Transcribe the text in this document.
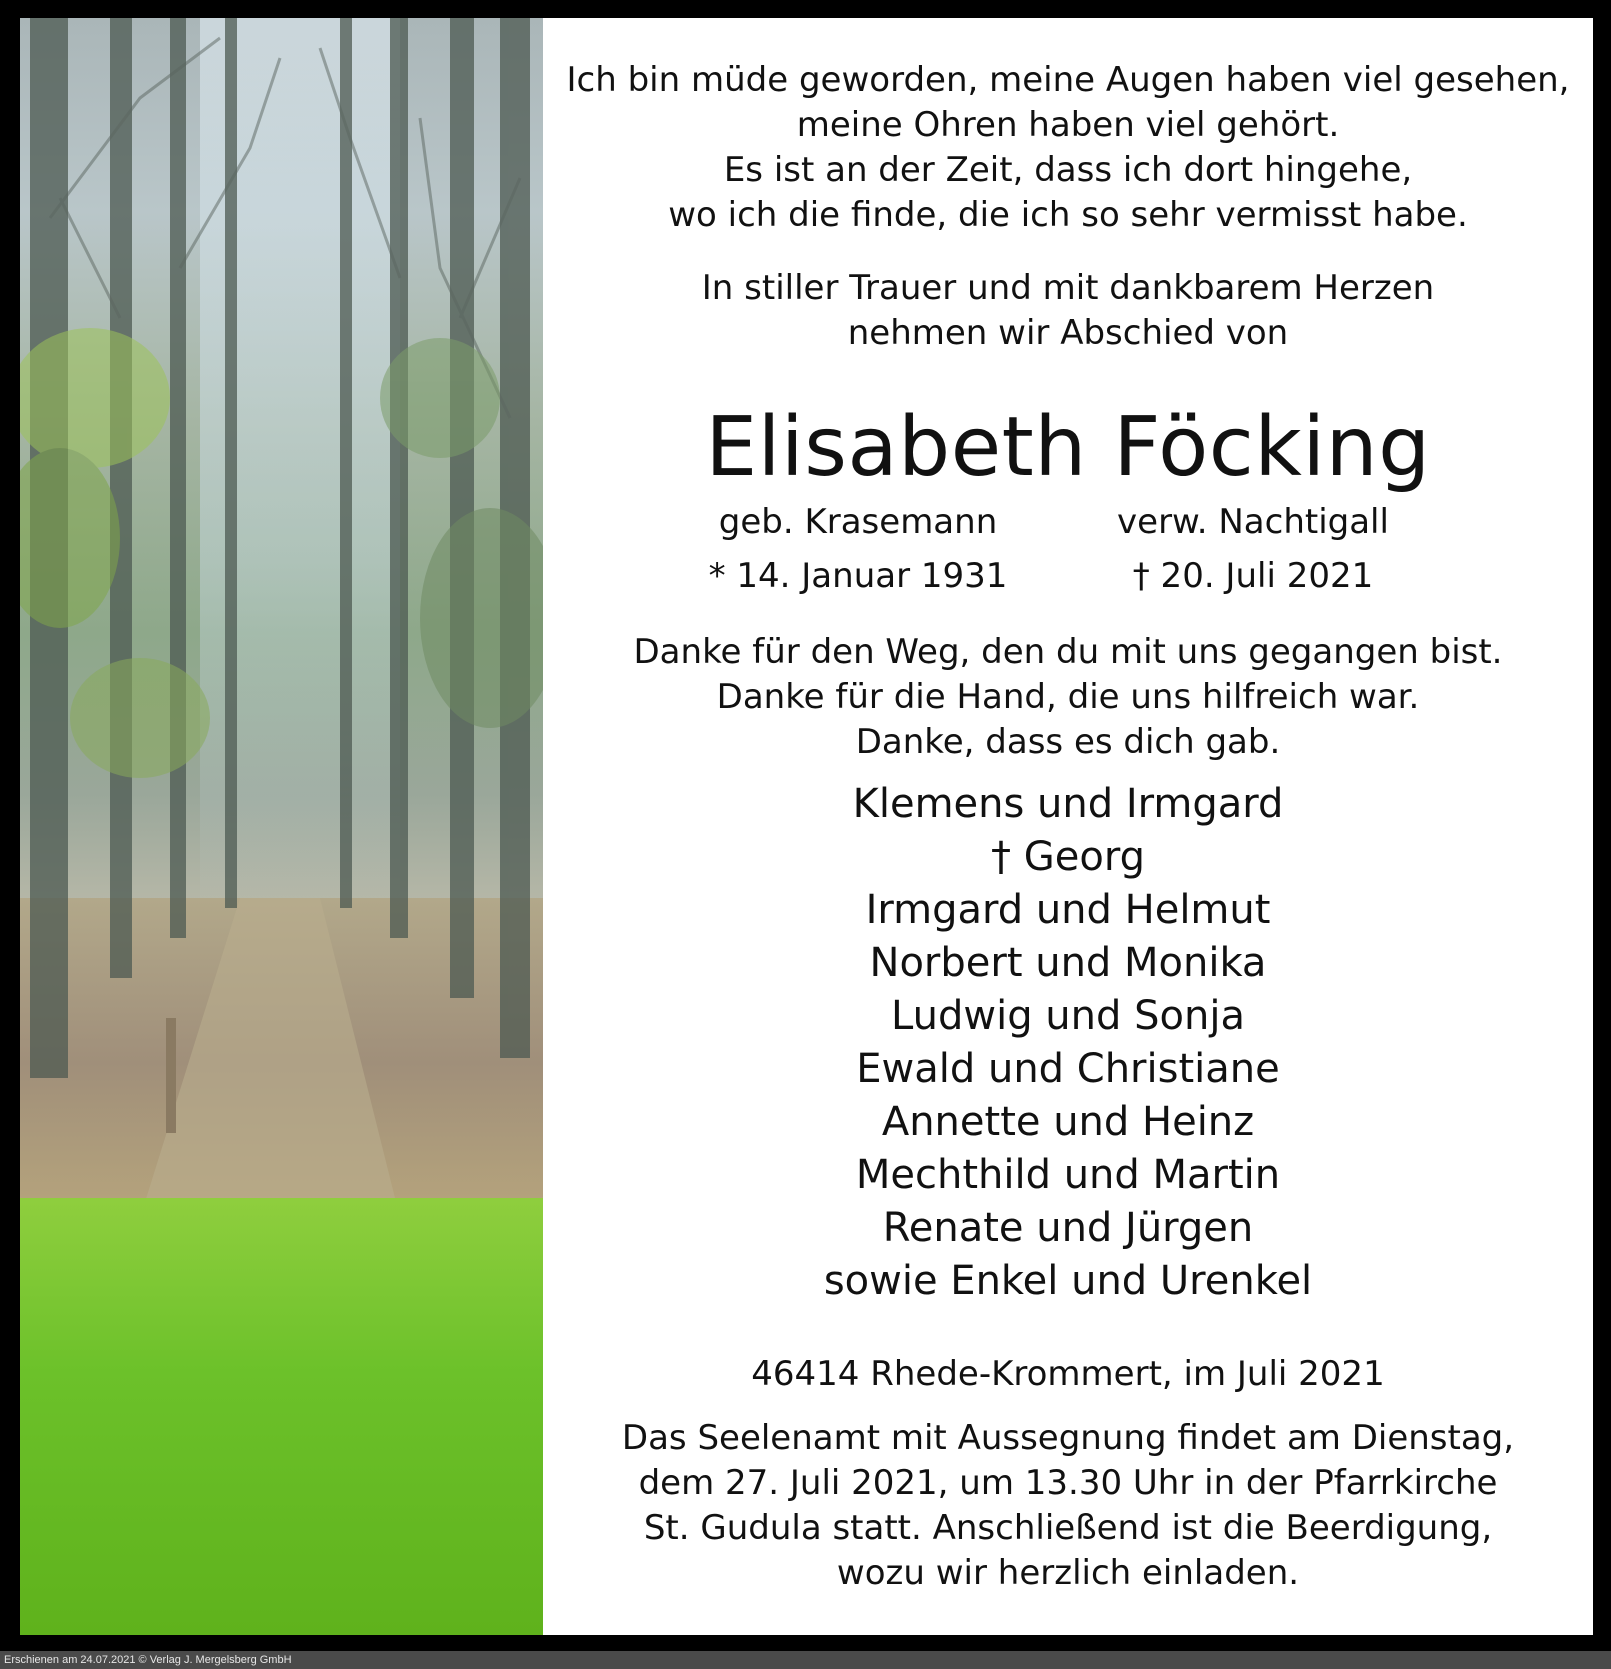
Ich bin müde geworden, meine Augen haben viel gesehen,
meine Ohren haben viel gehört.
Es ist an der Zeit, dass ich dort hingehe,
wo ich die finde, die ich so sehr vermisst habe.
In stiller Trauer und mit dankbarem Herzen
nehmen wir Abschied von
Elisabeth Föcking
geb. Krasemann	verw. Nachtigall
* 14. Januar 1931	† 20. Juli 2021
Danke für den Weg, den du mit uns gegangen bist.
Danke für die Hand, die uns hilfreich war.
Danke, dass es dich gab.
Klemens und Irmgard
† Georg
Irmgard und Helmut
Norbert und Monika
Ludwig und Sonja
Ewald und Christiane
Annette und Heinz
Mechthild und Martin
Renate und Jürgen
sowie Enkel und Urenkel
46414 Rhede-Krommert, im Juli 2021
Das Seelenamt mit Aussegnung findet am Dienstag,
dem 27. Juli 2021, um 13.30 Uhr in der Pfarrkirche
St. Gudula statt. Anschließend ist die Beerdigung,
wozu wir herzlich einladen.
Erschienen am 24.07.2021 © Verlag J. Mergelsberg GmbH
